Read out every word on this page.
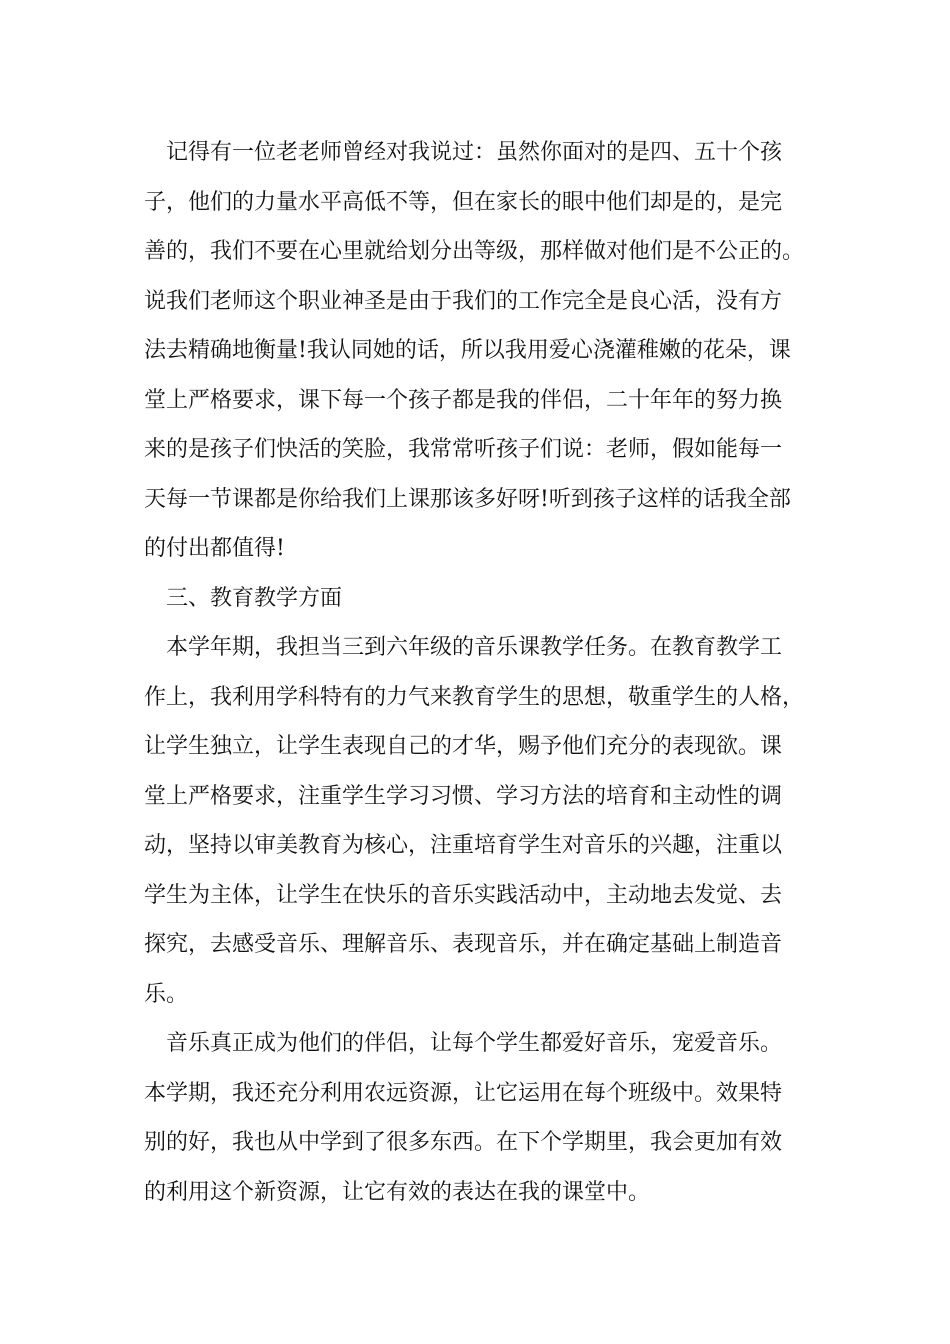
记得有一位老老师曾经对我说过：虽然你面对的是四、五十个孩
子，他们的力量水平高低不等，但在家长的眼中他们却是的，是完
善的，我们不要在心里就给划分出等级，那样做对他们是不公正的。
说我们老师这个职业神圣是由于我们的工作完全是良心活，没有方
法去精确地衡量!我认同她的话，所以我用爱心浇灌稚嫩的花朵，课
堂上严格要求，课下每一个孩子都是我的伴侣，二十年年的努力换
来的是孩子们快活的笑脸，我常常听孩子们说：老师，假如能每一
天每一节课都是你给我们上课那该多好呀!听到孩子这样的话我全部
的付出都值得!
三、教育教学方面
本学年期，我担当三到六年级的音乐课教学任务。在教育教学工
作上，我利用学科特有的力气来教育学生的思想，敬重学生的人格，
让学生独立，让学生表现自己的才华，赐予他们充分的表现欲。课
堂上严格要求，注重学生学习习惯、学习方法的培育和主动性的调
动，坚持以审美教育为核心，注重培育学生对音乐的兴趣，注重以
学生为主体，让学生在快乐的音乐实践活动中，主动地去发觉、去
探究，去感受音乐、理解音乐、表现音乐，并在确定基础上制造音
乐。
音乐真正成为他们的伴侣，让每个学生都爱好音乐，宠爱音乐。
本学期，我还充分利用农远资源，让它运用在每个班级中。效果特
别的好，我也从中学到了很多东西。在下个学期里，我会更加有效
的利用这个新资源，让它有效的表达在我的课堂中。
